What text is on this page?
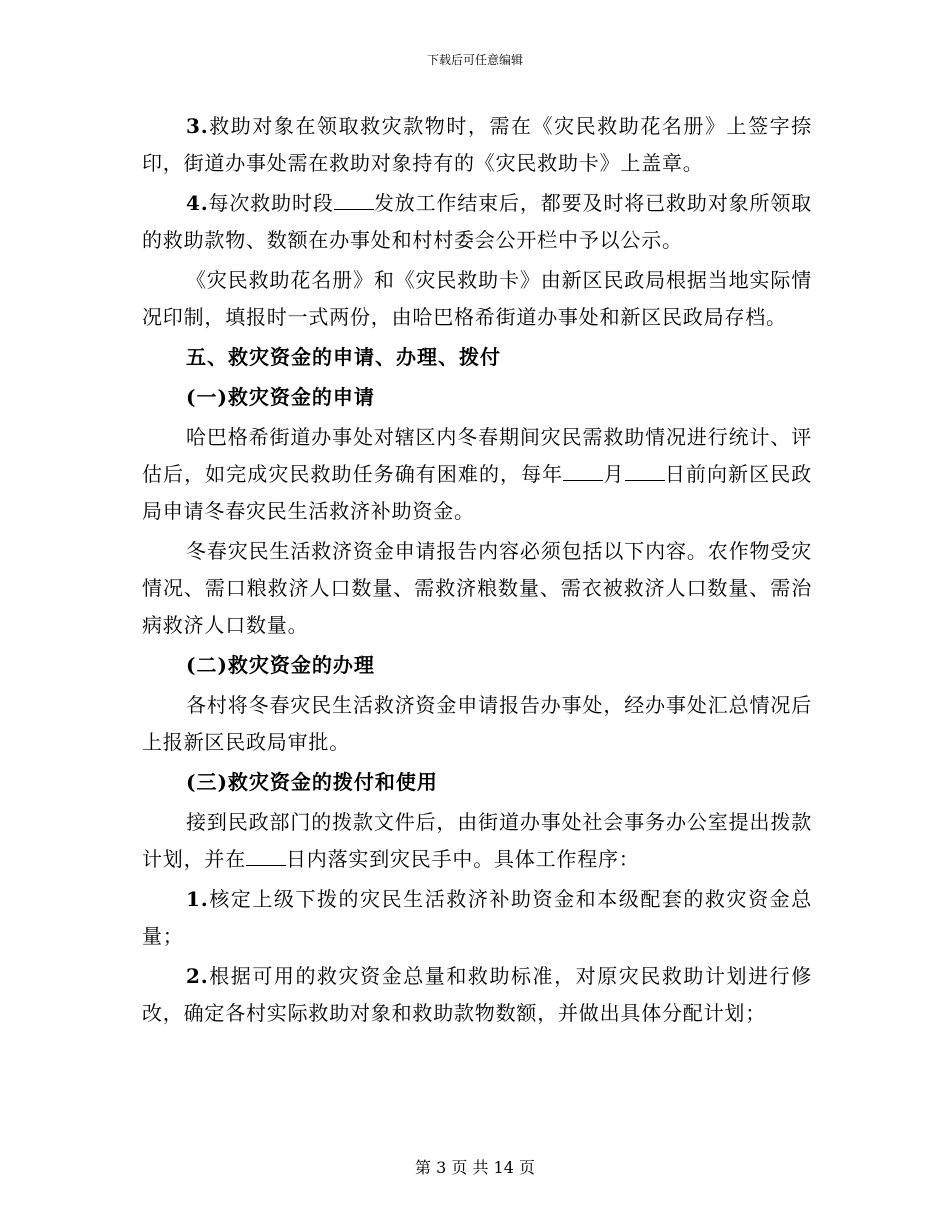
下载后可任意编辑

3.救助对象在领取救灾款物时，需在《灾民救助花名册》上签字捺印，街道办事处需在救助对象持有的《灾民救助卡》上盖章。

4.每次救助时段 发放工作结束后，都要及时将已救助对象所领取的救助款物、数额在办事处和村村委会公开栏中予以公示。

《灾民救助花名册》和《灾民救助卡》由新区民政局根据当地实际情况印制，填报时一式两份，由哈巴格希街道办事处和新区民政局存档。

五、救灾资金的申请、办理、拨付

(一)救灾资金的申请

哈巴格希街道办事处对辖区内冬春期间灾民需救助情况进行统计、评估后，如完成灾民救助任务确有困难的，每年 月 日前向新区民政局申请冬春灾民生活救济补助资金。

冬春灾民生活救济资金申请报告内容必须包括以下内容。农作物受灾情况、需口粮救济人口数量、需救济粮数量、需衣被救济人口数量、需治病救济人口数量。

(二)救灾资金的办理

各村将冬春灾民生活救济资金申请报告办事处，经办事处汇总情况后上报新区民政局审批。

(三)救灾资金的拨付和使用

接到民政部门的拨款文件后，由街道办事处社会事务办公室提出拨款计划，并在 日内落实到灾民手中。具体工作程序：

1.核定上级下拨的灾民生活救济补助资金和本级配套的救灾资金总量；

2.根据可用的救灾资金总量和救助标准，对原灾民救助计划进行修改，确定各村实际救助对象和救助款物数额，并做出具体分配计划；

第 3 页 共 14 页
